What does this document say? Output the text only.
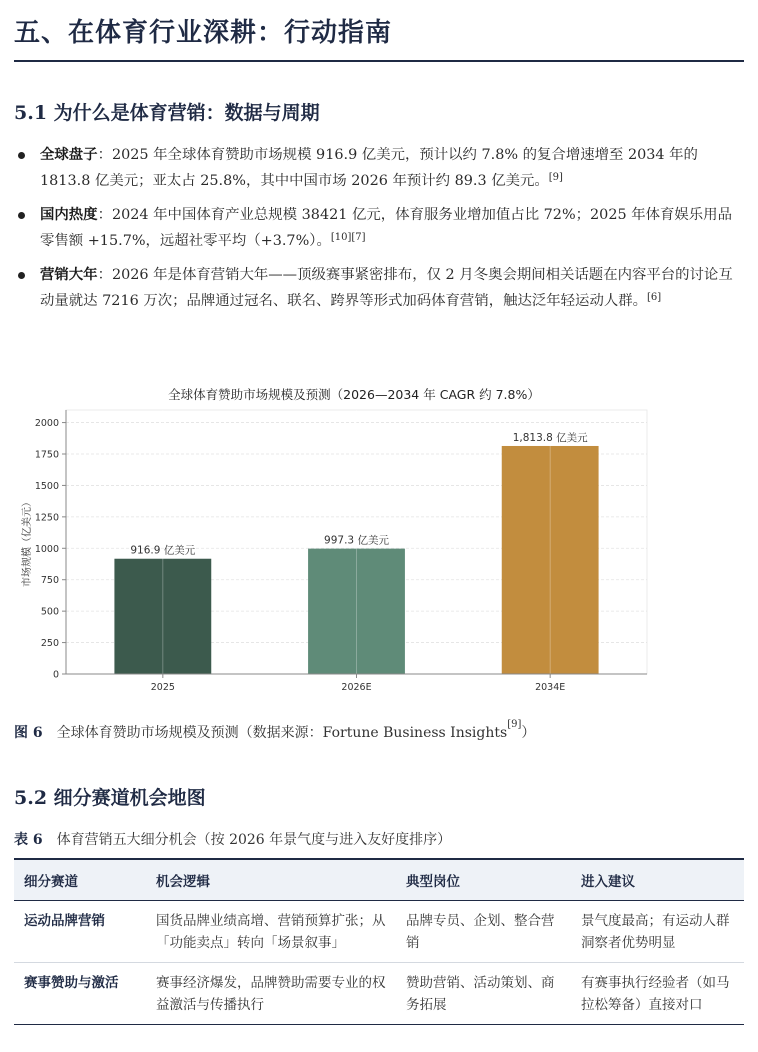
五、在体育行业深耕：行动指南
5.1 为什么是体育营销：数据与周期
全球盘子：2025 年全球体育赞助市场规模 916.9 亿美元，预计以约 7.8% 的复合增速增至 2034 年的 1813.8 亿美元；亚太占 25.8%，其中中国市场 2026 年预计约 89.3 亿美元。[9]
国内热度：2024 年中国体育产业总规模 38421 亿元，体育服务业增加值占比 72%；2025 年体育娱乐用品零售额 +15.7%，远超社零平均（+3.7%）。[10][7]
营销大年：2026 年是体育营销大年——顶级赛事紧密排布，仅 2 月冬奥会期间相关话题在内容平台的讨论互动量就达 7216 万次；品牌通过冠名、联名、跨界等形式加码体育营销，触达泛年轻运动人群。[6]
全球体育赞助市场规模及预测（2026—2034 年 CAGR 约 7.8%）
916.9 亿美元
997.3 亿美元
1,813.8 亿美元
0
250
500
750
1000
1250
1500
1750
2000
2025	2026E	2034E
市场规模（亿美元）
图 6 全球体育赞助市场规模及预测（数据来源：Fortune Business Insights[9]）
5.2 细分赛道机会地图
表 6 体育营销五大细分机会（按 2026 年景气度与进入友好度排序）
细分赛道	机会逻辑	典型岗位	进入建议
运动品牌营销	国货品牌业绩高增、营销预算扩张；从「功能卖点」转向「场景叙事」	品牌专员、企划、整合营销	景气度最高；有运动人群洞察者优势明显
赛事赞助与激活	赛事经济爆发，品牌赞助需要专业的权益激活与传播执行	赞助营销、活动策划、商务拓展	有赛事执行经验者（如马拉松筹备）直接对口
